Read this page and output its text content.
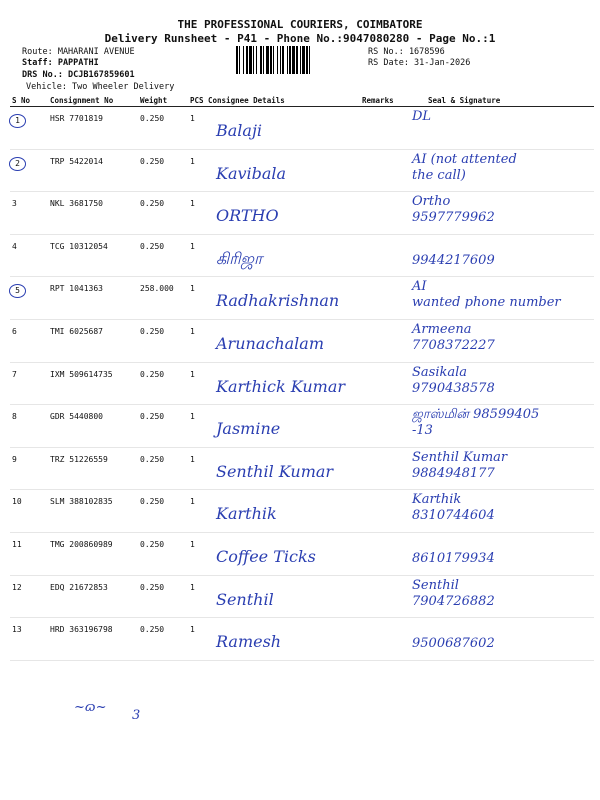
THE PROFESSIONAL COURIERS, COIMBATORE
Delivery Runsheet - P41 - Phone No.:9047080280 - Page No.:1
Route: MAHARANI AVENUE
Staff: PAPPATHI
DRS No.: DCJB167859601
Vehicle: Two Wheeler Delivery
RS No.: 1678596
RS Date: 31-Jan-2026
S No	Consignment No	Weight	PCS	Consignee Details	Remarks	Seal & Signature
1	HSR 7701819	0.250	1	Balaji		DL

2	TRP 5422014	0.250	1	Kavibala		AI (not attented
the call)

3	NKL 3681750	0.250	1	ORTHO		Ortho
9597779962

4	TCG 10312054	0.250	1	கிரிஜா		9944217609

5	RPT 1041363	258.000	1	Radhakrishnan		AI
wanted phone number

6	TMI 6025687	0.250	1	Arunachalam		Armeena
7708372227

7	IXM 509614735	0.250	1	Karthick Kumar		Sasikala
9790438578

8	GDR 5440800	0.250	1	Jasmine		ஜாஸ்மின் 98599405
-13

9	TRZ 51226559	0.250	1	Senthil Kumar		Senthil Kumar
9884948177

10	SLM 388102835	0.250	1	Karthik		Karthik
8310744604

11	TMG 200860989	0.250	1	Coffee Ticks		8610179934

12	EDQ 21672853	0.250	1	Senthil		Senthil
7904726882

13	HRD 363196798	0.250	1	Ramesh		9500687602
~ɷ~
3
